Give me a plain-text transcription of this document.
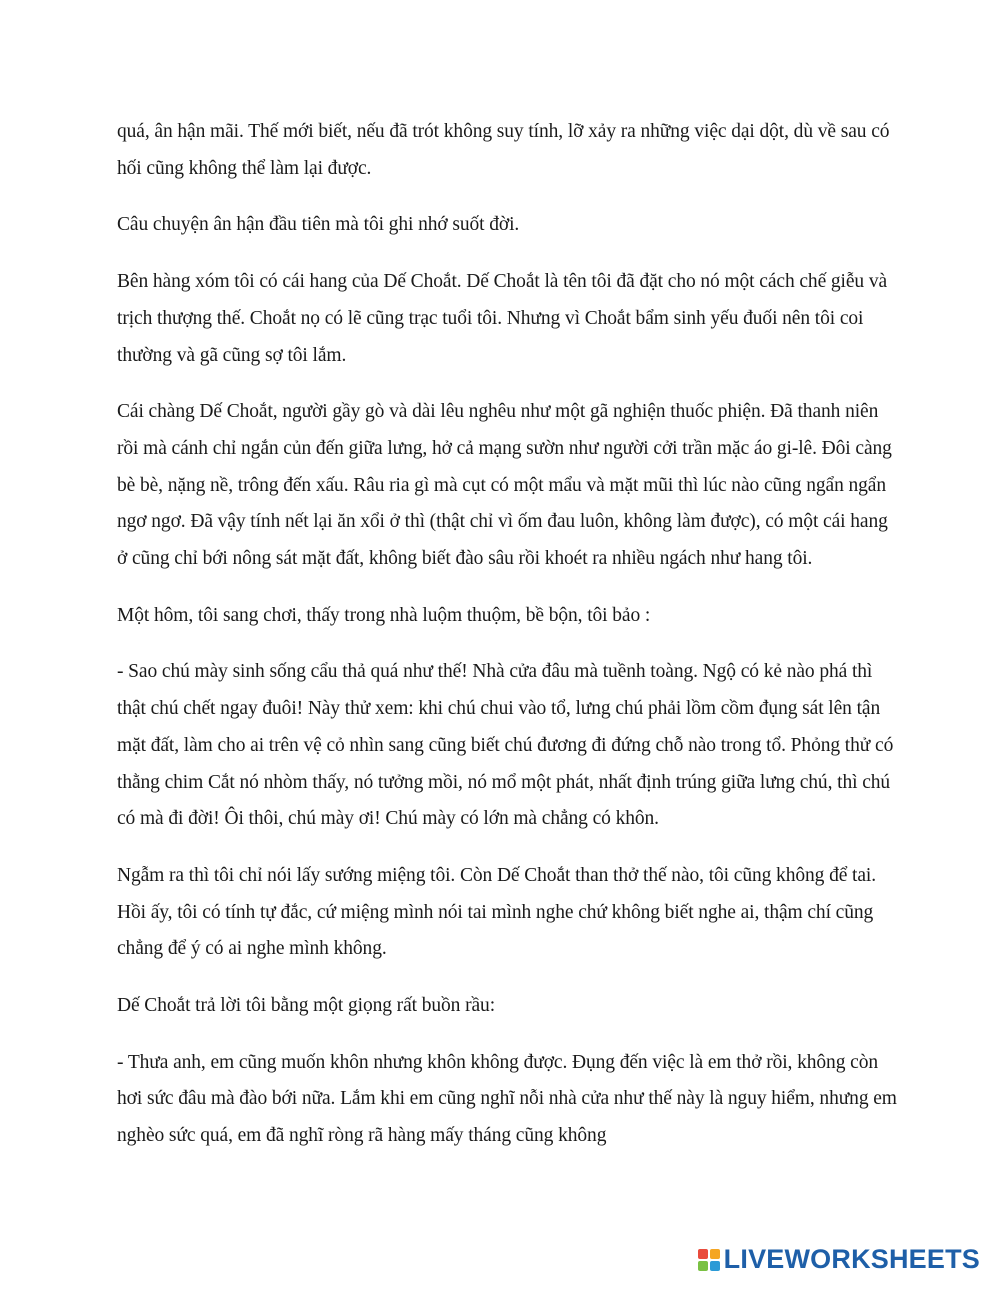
quá, ân hận mãi. Thế mới biết, nếu đã trót không suy tính, lỡ xảy ra những việc dại dột, dù về sau có hối cũng không thể làm lại được.

Câu chuyện ân hận đầu tiên mà tôi ghi nhớ suốt đời.

Bên hàng xóm tôi có cái hang của Dế Choắt. Dế Choắt là tên tôi đã đặt cho nó một cách chế giễu và trịch thượng thế. Choắt nọ có lẽ cũng trạc tuổi tôi. Nhưng vì Choắt bẩm sinh yếu đuối nên tôi coi thường và gã cũng sợ tôi lắm.

Cái chàng Dế Choắt, người gầy gò và dài lêu nghêu như một gã nghiện thuốc phiện. Đã thanh niên rồi mà cánh chỉ ngắn củn đến giữa lưng, hở cả mạng sườn như người cởi trần mặc áo gi-lê. Đôi càng bè bè, nặng nề, trông đến xấu. Râu ria gì mà cụt có một mẩu và mặt mũi thì lúc nào cũng ngẩn ngẩn ngơ ngơ. Đã vậy tính nết lại ăn xổi ở thì (thật chỉ vì ốm đau luôn, không làm được), có một cái hang ở cũng chỉ bới nông sát mặt đất, không biết đào sâu rồi khoét ra nhiều ngách như hang tôi.

Một hôm, tôi sang chơi, thấy trong nhà luộm thuộm, bề bộn, tôi bảo :

- Sao chú mày sinh sống cẩu thả quá như thế! Nhà cửa đâu mà tuềnh toàng. Ngộ có kẻ nào phá thì thật chú chết ngay đuôi! Này thử xem: khi chú chui vào tổ, lưng chú phải lồm cồm đụng sát lên tận mặt đất, làm cho ai trên vệ cỏ nhìn sang cũng biết chú đương đi đứng chỗ nào trong tổ. Phỏng thử có thằng chim Cắt nó nhòm thấy, nó tưởng mồi, nó mổ một phát, nhất định trúng giữa lưng chú, thì chú có mà đi đời! Ôi thôi, chú mày ơi! Chú mày có lớn mà chẳng có khôn.

Ngẫm ra thì tôi chỉ nói lấy sướng miệng tôi. Còn Dế Choắt than thở thế nào, tôi cũng không để tai. Hồi ấy, tôi có tính tự đắc, cứ miệng mình nói tai mình nghe chứ không biết nghe ai, thậm chí cũng chẳng để ý có ai nghe mình không.

Dế Choắt trả lời tôi bằng một giọng rất buồn rầu:

- Thưa anh, em cũng muốn khôn nhưng khôn không được. Đụng đến việc là em thở rồi, không còn hơi sức đâu mà đào bới nữa. Lắm khi em cũng nghĩ nỗi nhà cửa như thế này là nguy hiểm, nhưng em nghèo sức quá, em đã nghĩ ròng rã hàng mấy tháng cũng không

LIVEWORKSHEETS
